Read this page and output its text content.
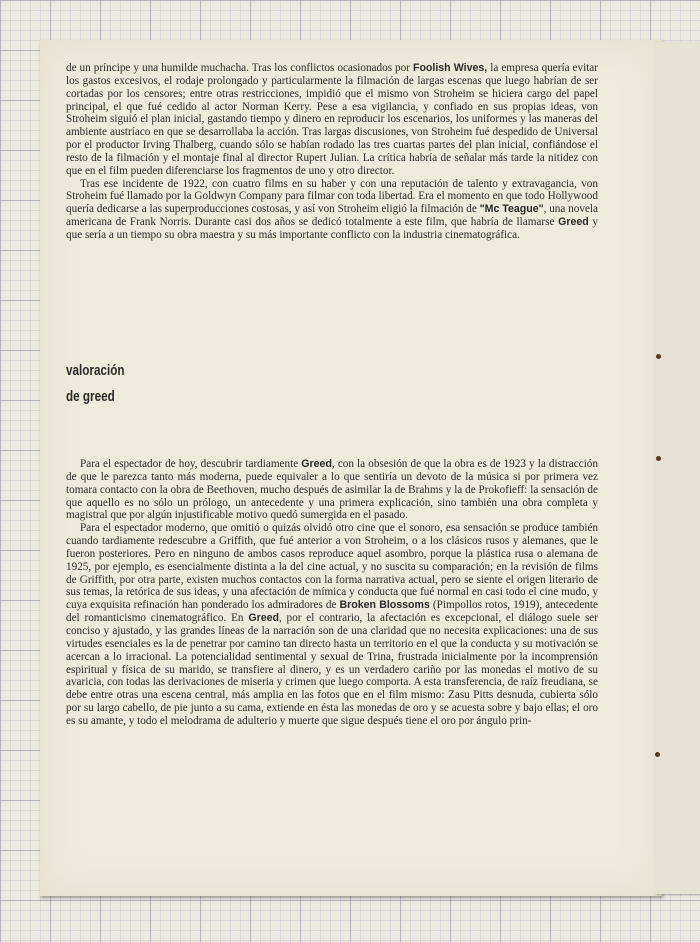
de un príncipe y una humilde muchacha. Tras los conflictos ocasionados por Foolish Wives, la empresa quería evitar los gastos excesivos, el rodaje prolongado y particularmente la filmación de largas escenas que luego habrían de ser cortadas por los censores; entre otras restricciones, impidió que el mismo von Stroheim se hiciera cargo del papel principal, el que fué cedido al actor Norman Kerry. Pese a esa vigilancia, y confiado en sus propias ideas, von Stroheim siguió el plan inicial, gastando tiempo y dinero en reproducir los escenarios, los uniformes y las maneras del ambiente austríaco en que se desarrollaba la acción. Tras largas discusiones, von Stroheim fué despedido de Universal por el productor Irving Thalberg, cuando sólo se habían rodado las tres cuartas partes del plan inicial, confiándose el resto de la filmación y el montaje final al director Rupert Julian. La crítica habría de señalar más tarde la nitidez con que en el film pueden diferenciarse los fragmentos de uno y otro director.

Tras ese incidente de 1922, con cuatro films en su haber y con una reputación de talento y extravagancia, von Stroheim fué llamado por la Goldwyn Company para filmar con toda libertad. Era el momento en que todo Hollywood quería dedicarse a las superproducciones costosas, y así von Stroheim eligió la filmación de "Mc Teague", una novela americana de Frank Norris. Durante casi dos años se dedicó totalmente a este film, que habría de llamarse Greed y que sería a un tiempo su obra maestra y su más importante conflicto con la industria cinematográfica.

valoración
de greed

Para el espectador de hoy, descubrir tardiamente Greed, con la obsesión de que la obra es de 1923 y la distracción de que le parezca tanto más moderna, puede equivaler a lo que sentiría un devoto de la música si por primera vez tomara contacto con la obra de Beethoven, mucho después de asimilar la de Brahms y la de Prokofieff: la sensación de que aquello es no sólo un prólogo, un antecedente y una primera explicación, sino también una obra completa y magistral que por algún injustificable motivo quedó sumergida en el pasado.

Para el espectador moderno, que omitió o quizás olvidó otro cine que el sonoro, esa sensación se produce también cuando tardiamente redescubre a Griffith, que fué anterior a von Stroheim, o a los clásicos rusos y alemanes, que le fueron posteriores. Pero en ninguno de ambos casos reproduce aquel asombro, porque la plástica rusa o alemana de 1925, por ejemplo, es esencialmente distinta a la del cine actual, y no suscita su comparación; en la revisión de films de Griffith, por otra parte, existen muchos contactos con la forma narrativa actual, pero se siente el origen literario de sus temas, la retórica de sus ideas, y una afectación de mímica y conducta que fué normal en casi todo el cine mudo, y cuya exquisita refinación han ponderado los admiradores de Broken Blossoms (Pimpollos rotos, 1919), antecedente del romanticismo cinematográfico. En Greed, por el contrario, la afectación es excepcional, el diálogo suele ser conciso y ajustado, y las grandes líneas de la narración son de una claridad que no necesita explicaciones: una de sus virtudes esenciales es la de penetrar por camino tan directo hasta un territorio en el que la conducta y su motivación se acercan a lo irracional. La potencialidad sentimental y sexual de Trina, frustrada inicialmente por la incomprensión espiritual y física de su marido, se transfiere al dinero, y es un verdadero cariño por las monedas el motivo de su avaricia, con todas las derivaciones de miseria y crimen que luego comporta. A esta transferencia, de raíz freudiana, se debe entre otras una escena central, más amplia en las fotos que en el film mismo: Zasu Pitts desnuda, cubierta sólo por su largo cabello, de pie junto a su cama, extiende en ésta las monedas de oro y se acuesta sobre y bajo ellas; el oro es su amante, y todo el melodrama de adulterio y muerte que sigue después tiene el oro por ángulo prin-
